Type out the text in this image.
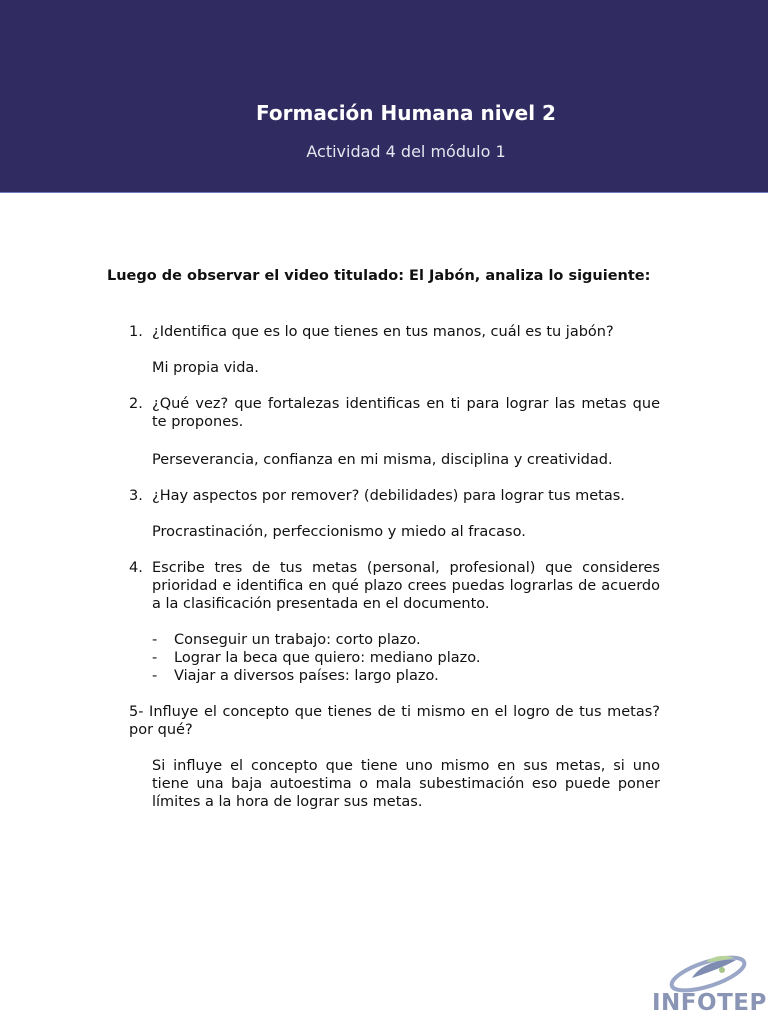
Formación Humana nivel 2
Actividad 4 del módulo 1

Luego de observar el video titulado: El Jabón, analiza lo siguiente:

1. ¿Identifica que es lo que tienes en tus manos, cuál es tu jabón?

Mi propia vida.

2. ¿Qué vez? que fortalezas identificas en ti para lograr las metas que te propones.

Perseverancia, confianza en mi misma, disciplina y creatividad.

3. ¿Hay aspectos por remover? (debilidades) para lograr tus metas.

Procrastinación, perfeccionismo y miedo al fracaso.

4. Escribe tres de tus metas (personal, profesional) que consideres prioridad e identifica en qué plazo crees puedas lograrlas de acuerdo a la clasificación presentada en el documento.

- Conseguir un trabajo: corto plazo.
- Lograr la beca que quiero: mediano plazo.
- Viajar a diversos países: largo plazo.

5- Influye el concepto que tienes de ti mismo en el logro de tus metas? por qué?

Si influye el concepto que tiene uno mismo en sus metas, si uno tiene una baja autoestima o mala subestimación eso puede poner límites a la hora de lograr sus metas.

INFOTEP
